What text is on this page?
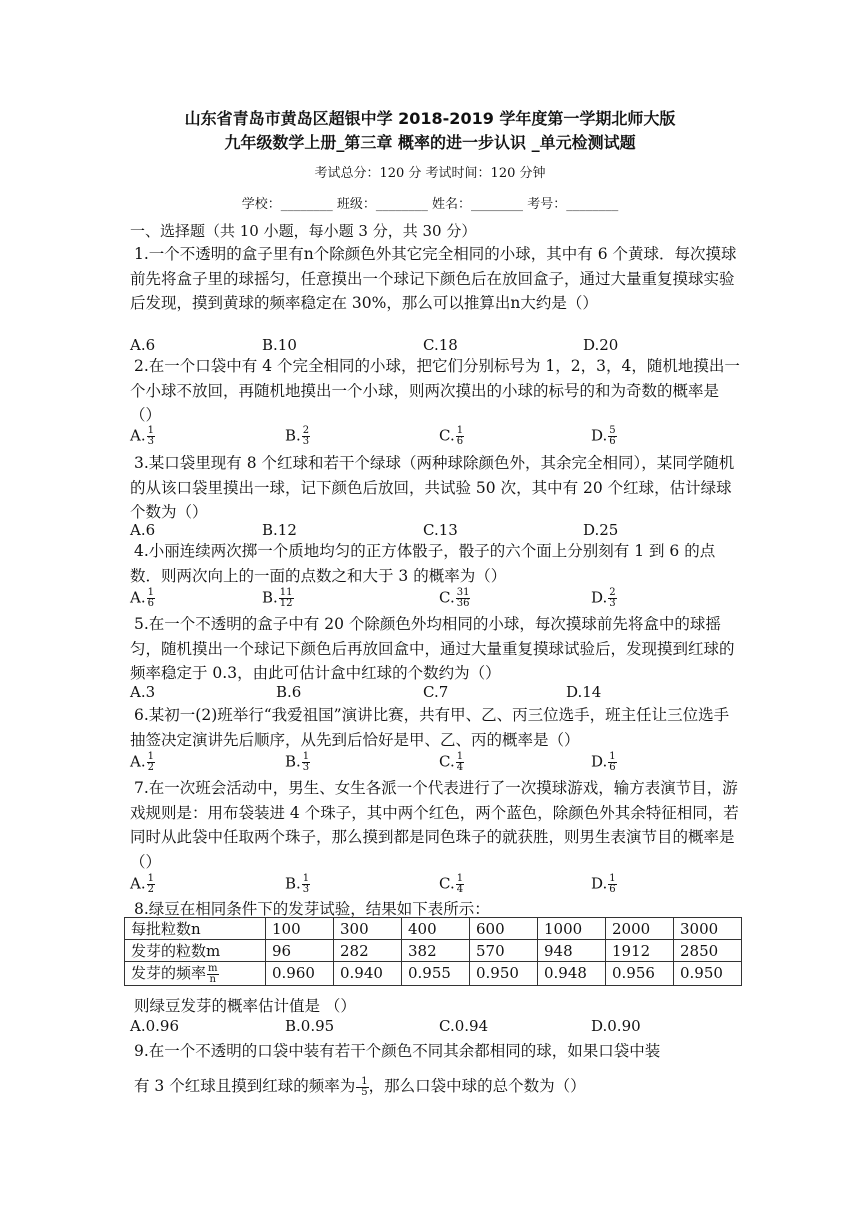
山东省青岛市黄岛区超银中学 2018-2019 学年度第一学期北师大版
九年级数学上册_第三章 概率的进一步认识 _单元检测试题
考试总分：120 分 考试时间：120 分钟
学校：________ 班级：________ 姓名：________ 考号：________
一、选择题（共 10 小题，每小题 3 分，共 30 分）
1.一个不透明的盒子里有n个除颜色外其它完全相同的小球，其中有 6 个黄球．每次摸球前先将盒子里的球摇匀，任意摸出一个球记下颜色后在放回盒子，通过大量重复摸球实验后发现，摸到黄球的频率稳定在 30%，那么可以推算出n大约是（）
A.6	B.10	C.18	D.20
2.在一个口袋中有 4 个完全相同的小球，把它们分别标号为 1，2，3，4，随机地摸出一个小球不放回，再随机地摸出一个小球，则两次摸出的小球的标号的和为奇数的概率是（）
A. $\frac{1}{3}$	B. $\frac{2}{3}$	C. $\frac{1}{6}$	D. $\frac{5}{6}$
3.某口袋里现有 8 个红球和若干个绿球（两种球除颜色外，其余完全相同），某同学随机的从该口袋里摸出一球，记下颜色后放回，共试验 50 次，其中有 20 个红球，估计绿球个数为（）
A.6	B.12	C.13	D.25
4.小丽连续两次掷一个质地均匀的正方体骰子，骰子的六个面上分别刻有 1 到 6 的点数．则两次向上的一面的点数之和大于 3 的概率为（）
A. $\frac{1}{6}$	B. $\frac{11}{12}$	C. $\frac{31}{36}$	D. $\frac{2}{3}$
5.在一个不透明的盒子中有 20 个除颜色外均相同的小球，每次摸球前先将盒中的球摇匀，随机摸出一个球记下颜色后再放回盒中，通过大量重复摸球试验后，发现摸到红球的频率稳定于 0.3，由此可估计盒中红球的个数约为（）
A.3	B.6	C.7	D.14
6.某初一(2)班举行“我爱祖国”演讲比赛，共有甲、乙、丙三位选手，班主任让三位选手抽签决定演讲先后顺序，从先到后恰好是甲、乙、丙的概率是（）
A. $\frac{1}{2}$	B. $\frac{1}{3}$	C. $\frac{1}{4}$	D. $\frac{1}{6}$
7.在一次班会活动中，男生、女生各派一个代表进行了一次摸球游戏，输方表演节目，游戏规则是：用布袋装进 4 个珠子，其中两个红色，两个蓝色，除颜色外其余特征相同，若同时从此袋中任取两个珠子，那么摸到都是同色珠子的就获胜，则男生表演节目的概率是（）
A. $\frac{1}{2}$	B. $\frac{1}{3}$	C. $\frac{1}{4}$	D. $\frac{1}{6}$
8.绿豆在相同条件下的发芽试验，结果如下表所示：
每批粒数n	100	300	400	600	1000	2000	3000
发芽的粒数m	96	282	382	570	948	1912	2850
发芽的频率 $\frac{m}{n}$	0.960	0.940	0.955	0.950	0.948	0.956	0.950
则绿豆发芽的概率估计值是 （）
A.0.96	B.0.95	C.0.94	D.0.90
9.在一个不透明的口袋中装有若干个颜色不同其余都相同的球，如果口袋中装
有 3 个红球且摸到红球的频率为 $\frac{1}{5}$ ，那么口袋中球的总个数为（）
